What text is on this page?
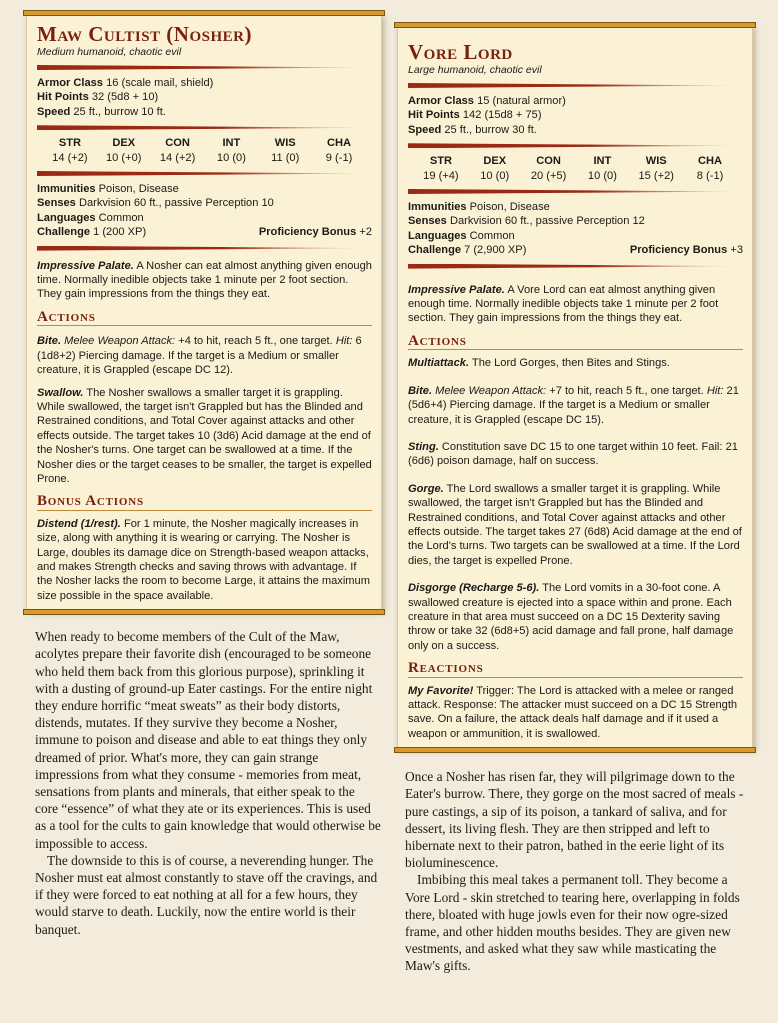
Maw Cultist (Nosher)
Medium humanoid, chaotic evil
Armor Class 16 (scale mail, shield)
Hit Points 32 (5d8 + 10)
Speed 25 ft., burrow 10 ft.
STR
14 (+2)
DEX
10 (+0)
CON
14 (+2)
INT
10 (0)
WIS
11 (0)
CHA
9 (-1)
Immunities Poison, Disease
Senses Darkvision 60 ft., passive Perception 10
Languages Common
Challenge 1 (200 XP)	Proficiency Bonus +2
Impressive Palate. A Nosher can eat almost anything given enough time. Normally inedible objects take 1 minute per 2 foot section. They gain impressions from the things they eat.
Actions
Bite. Melee Weapon Attack: +4 to hit, reach 5 ft., one target. Hit: 6 (1d8+2) Piercing damage. If the target is a Medium or smaller creature, it is Grappled (escape DC 12).
Swallow. The Nosher swallows a smaller target it is grappling. While swallowed, the target isn't Grappled but has the Blinded and Restrained conditions, and Total Cover against attacks and other effects outside. The target takes 10 (3d6) Acid damage at the end of the Nosher's turns. One target can be swallowed at a time. If the Nosher dies or the target ceases to be smaller, the target is expelled Prone.
Bonus Actions
Distend (1/rest). For 1 minute, the Nosher magically increases in size, along with anything it is wearing or carrying. The Nosher is Large, doubles its damage dice on Strength-based weapon attacks, and makes Strength checks and saving throws with advantage. If the Nosher lacks the room to become Large, it attains the maximum size possible in the space available.

When ready to become members of the Cult of the Maw, acolytes prepare their favorite dish (encouraged to be someone who held them back from this glorious purpose), sprinkling it with a dusting of ground-up Eater castings. For the entire night they endure horrific “meat sweats” as their body distorts, distends, mutates. If they survive they become a Nosher, immune to poison and disease and able to eat things they only dreamed of prior. What's more, they can gain strange impressions from what they consume - memories from meat, sensations from plants and minerals, that either speak to the core “essence” of what they ate or its experiences. This is used as a tool for the cults to gain knowledge that would otherwise be impossible to access.

The downside to this is of course, a neverending hunger. The Nosher must eat almost constantly to stave off the cravings, and if they were forced to eat nothing at all for a few hours, they would starve to death. Luckily, now the entire world is their banquet.

Vore Lord
Large humanoid, chaotic evil
Armor Class 15 (natural armor)
Hit Points 142 (15d8 + 75)
Speed 25 ft., burrow 30 ft.
STR
19 (+4)
DEX
10 (0)
CON
20 (+5)
INT
10 (0)
WIS
15 (+2)
CHA
8 (-1)
Immunities Poison, Disease
Senses Darkvision 60 ft., passive Perception 12
Languages Common
Challenge 7 (2,900 XP)	Proficiency Bonus +3
Impressive Palate. A Vore Lord can eat almost anything given enough time. Normally inedible objects take 1 minute per 2 foot section. They gain impressions from the things they eat.
Actions
Multiattack. The Lord Gorges, then Bites and Stings.
Bite. Melee Weapon Attack: +7 to hit, reach 5 ft., one target. Hit: 21 (5d6+4) Piercing damage. If the target is a Medium or smaller creature, it is Grappled (escape DC 15).
Sting. Constitution save DC 15 to one target within 10 feet. Fail: 21 (6d6) poison damage, half on success.
Gorge. The Lord swallows a smaller target it is grappling. While swallowed, the target isn't Grappled but has the Blinded and Restrained conditions, and Total Cover against attacks and other effects outside. The target takes 27 (6d8) Acid damage at the end of the Lord's turns. Two targets can be swallowed at a time. If the Lord dies, the target is expelled Prone.
Disgorge (Recharge 5-6). The Lord vomits in a 30-foot cone. A swallowed creature is ejected into a space within and prone. Each creature in that area must succeed on a DC 15 Dexterity saving throw or take 32 (6d8+5) acid damage and fall prone, half damage only on a success.
Reactions
My Favorite! Trigger: The Lord is attacked with a melee or ranged attack. Response: The attacker must succeed on a DC 15 Strength save. On a failure, the attack deals half damage and if it used a weapon or ammunition, it is swallowed.

Once a Nosher has risen far, they will pilgrimage down to the Eater's burrow. There, they gorge on the most sacred of meals - pure castings, a sip of its poison, a tankard of saliva, and for dessert, its living flesh. They are then stripped and left to hibernate next to their patron, bathed in the eerie light of its bioluminescence.

Imbibing this meal takes a permanent toll. They become a Vore Lord - skin stretched to tearing here, overlapping in folds there, bloated with huge jowls even for their now ogre-sized frame, and other hidden mouths besides. They are given new vestments, and asked what they saw while masticating the Maw's gifts.
